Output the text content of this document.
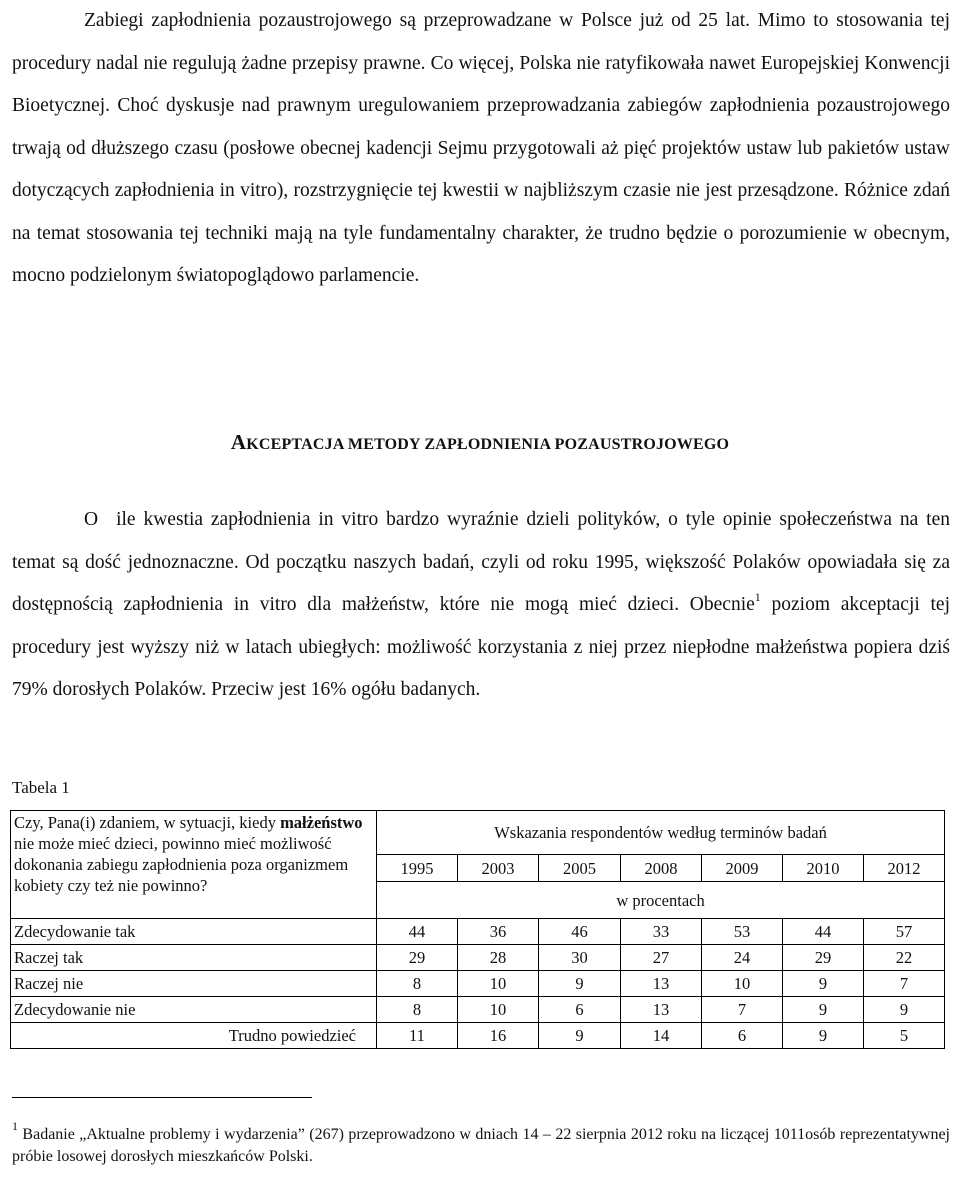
Zabiegi zapłodnienia pozaustrojowego są przeprowadzane w Polsce już od 25 lat. Mimo to stosowania tej procedury nadal nie regulują żadne przepisy prawne. Co więcej, Polska nie ratyfikowała nawet Europejskiej Konwencji Bioetycznej. Choć dyskusje nad prawnym uregulowaniem przeprowadzania zabiegów zapłodnienia pozaustrojowego trwają od dłuższego czasu (posłowe obecnej kadencji Sejmu przygotowali aż pięć projektów ustaw lub pakietów ustaw dotyczących zapłodnienia in vitro), rozstrzygnięcie tej kwestii w najbliższym czasie nie jest przesądzone. Różnice zdań na temat stosowania tej techniki mają na tyle fundamentalny charakter, że trudno będzie o porozumienie w obecnym, mocno podzielonym światopoglądowo parlamencie.

AKCEPTACJA METODY ZAPŁODNIENIA POZAUSTROJOWEGO

O ile kwestia zapłodnienia in vitro bardzo wyraźnie dzieli polityków, o tyle opinie społeczeństwa na ten temat są dość jednoznaczne. Od początku naszych badań, czyli od roku 1995, większość Polaków opowiadała się za dostępnością zapłodnienia in vitro dla małżeństw, które nie mogą mieć dzieci. Obecnie$^1$ poziom akceptacji tej procedury jest wyższy niż w latach ubiegłych: możliwość korzystania z niej przez niepłodne małżeństwa popiera dziś 79% dorosłych Polaków. Przeciw jest 16% ogółu badanych.

Tabela 1

Czy, Pana(i) zdaniem, w sytuacji, kiedy małżeństwo nie może mieć dzieci, powinno mieć możliwość dokonania zabiegu zapłodnienia poza organizmem kobiety czy też nie powinno?	Wskazania respondentów według terminów badań						
	1995	2003	2005	2008	2009	2010	2012
	w procentach						
Zdecydowanie tak	44	36	46	33	53	44	57
Raczej tak	29	28	30	27	24	29	22
Raczej nie	8	10	9	13	10	9	7
Zdecydowanie nie	8	10	6	13	7	9	9
Trudno powiedzieć	11	16	9	14	6	9	5

$^1$ Badanie „Aktualne problemy i wydarzenia” (267) przeprowadzono w dniach 14 – 22 sierpnia 2012 roku na liczącej 1011osób reprezentatywnej próbie losowej dorosłych mieszkańców Polski.
